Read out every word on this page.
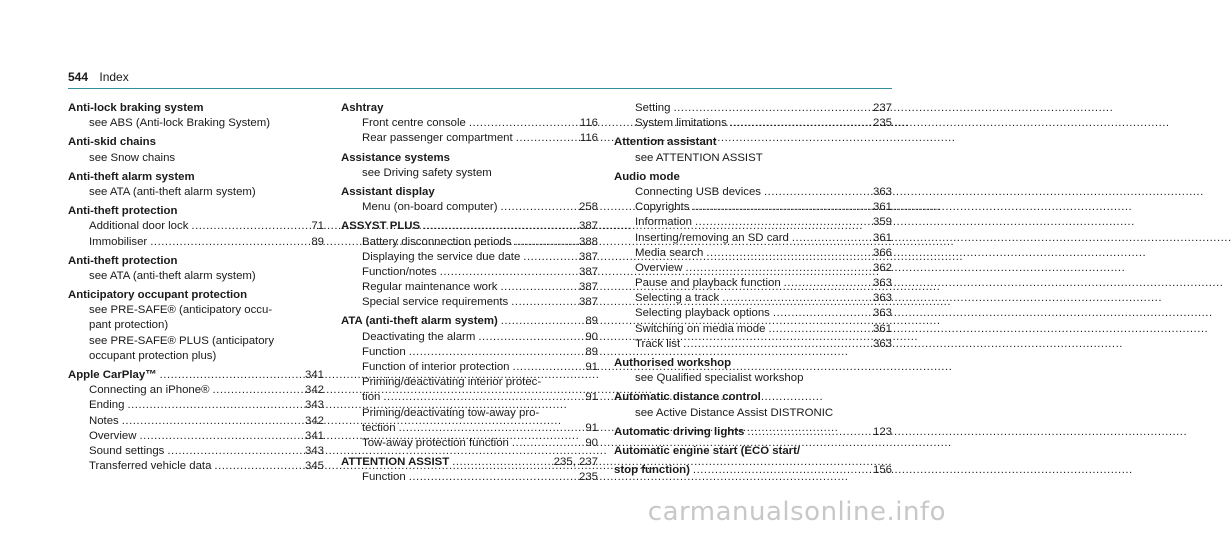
544 Index
Anti-lock braking system
see ABS (Anti-lock Braking System)
Anti-skid chains
see Snow chains
Anti-theft alarm system
see ATA (anti-theft alarm system)
Anti-theft protection
Additional door lock .....	71
Immobiliser .....	89
Anti-theft protection
see ATA (anti-theft alarm system)
Anticipatory occupant protection
see PRE-SAFE® (anticipatory occu-
pant protection)
see PRE-SAFE® PLUS (anticipatory
occupant protection plus)
Apple CarPlay™ .....	341
Connecting an iPhone® .....	342
Ending .....	343
Notes .....	342
Overview .....	341
Sound settings .....	343
Transferred vehicle data .....	345
Ashtray
Front centre console .....	116
Rear passenger compartment .....	116
Assistance systems
see Driving safety system
Assistant display
Menu (on-board computer) .....	258
ASSYST PLUS .....	387
Battery disconnection periods .....	388
Displaying the service due date .....	387
Function/notes .....	387
Regular maintenance work .....	387
Special service requirements .....	387
ATA (anti-theft alarm system) .....	89
Deactivating the alarm .....	90
Function .....	89
Function of interior protection .....	91
Priming/deactivating interior protec-
tion .....	91
Priming/deactivating tow-away pro-
tection .....	91
Tow-away protection function .....	90
ATTENTION ASSIST .....	235, 237
Function .....	235
Setting .....	237
System limitations .....	235
Attention assistant
see ATTENTION ASSIST
Audio mode
Connecting USB devices .....	363
Copyrights .....	361
Information .....	359
Inserting/removing an SD card .....	361
Media search .....	366
Overview .....	362
Pause and playback function .....	363
Selecting a track .....	363
Selecting playback options .....	363
Switching on media mode .....	361
Track list .....	363
Authorised workshop
see Qualified specialist workshop
Automatic distance control
see Active Distance Assist DISTRONIC
Automatic driving lights .....	123
Automatic engine start (ECO start/
stop function) .....	156
carmanualsonline.info
